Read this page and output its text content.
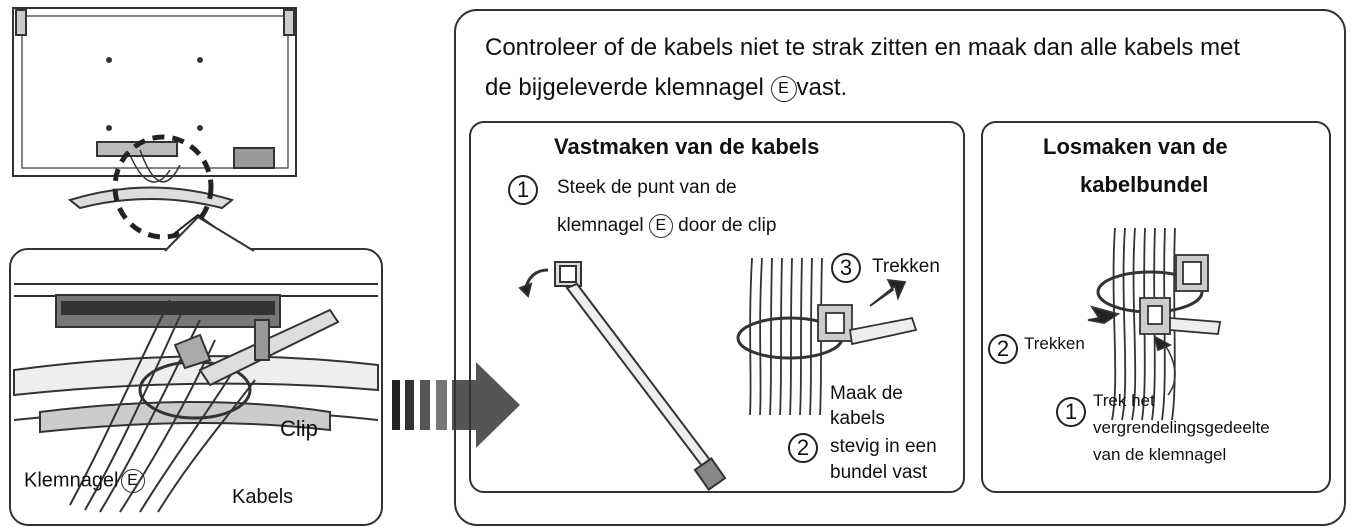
Controleer of de kabels niet te strak zitten en maak dan alle kabels met
de bijgeleverde klemnagel E vast.
Clip
Klemnagel E
Kabels
Vastmaken van de kabels
1	Steek de punt van de
klemnagel E door de clip
3	Trekken
Maak de
kabels
2	stevig in een
bundel vast
Losmaken van de
kabelbundel
2 Trekken
1 Trek het
vergrendelingsgedeelte
van de klemnagel
